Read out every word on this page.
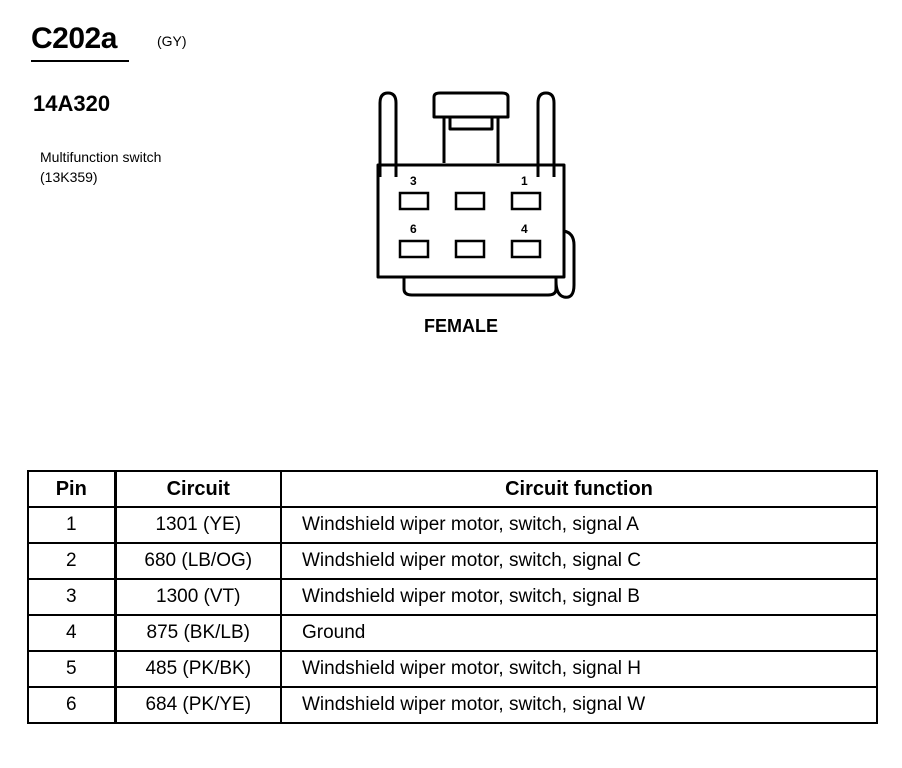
C202a	(GY)
14A320
Multifunction switch
(13K359)	3	1
6	4
FEMALE
Pin	Circuit	Circuit function
1	1301 (YE)	Windshield wiper motor, switch, signal A
2	680 (LB/OG)	Windshield wiper motor, switch, signal C
3	1300 (VT)	Windshield wiper motor, switch, signal B
4	875 (BK/LB)	Ground
5	485 (PK/BK)	Windshield wiper motor, switch, signal H
6	684 (PK/YE)	Windshield wiper motor, switch, signal W
